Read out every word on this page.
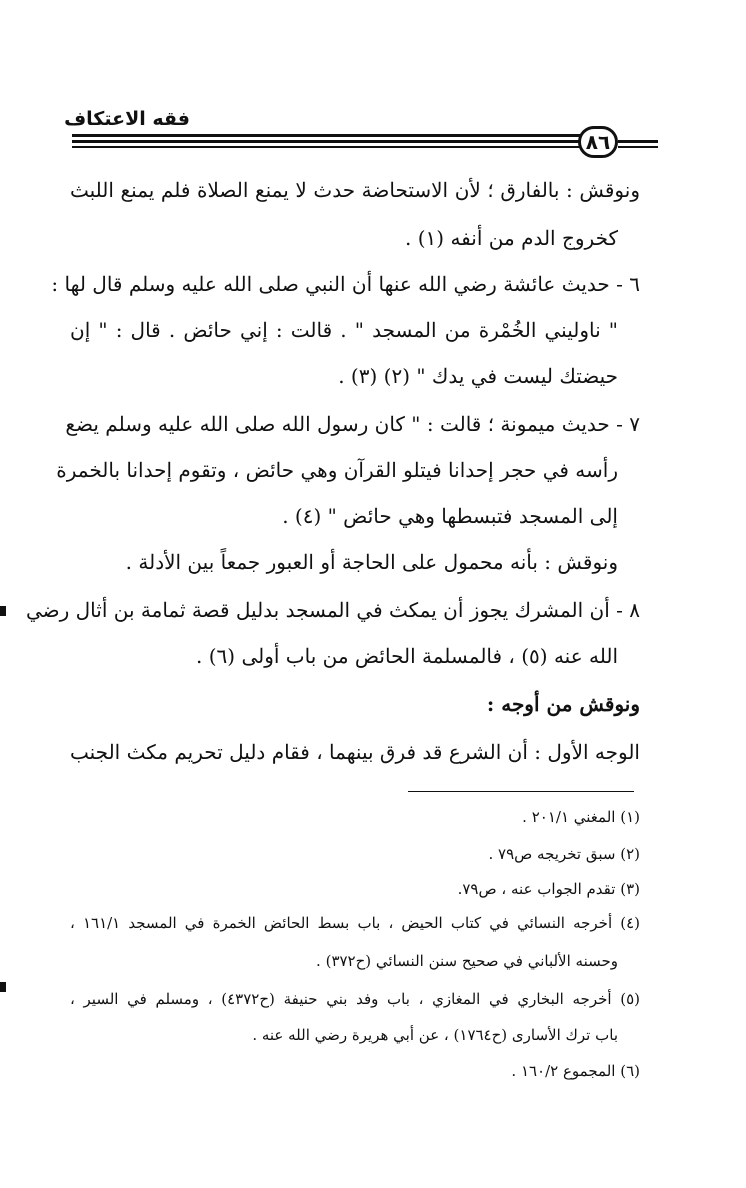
فقه الاعتكاف
٨٦
ونوقش : بالفارق ؛ لأن الاستحاضة حدث لا يمنع الصلاة فلم يمنع اللبث
كخروج الدم من أنفه (١) .
٦ - حديث عائشة رضي الله عنها أن النبي صلى الله عليه وسلم قال لها :
" ناوليني الخُمْرة من المسجد " . قالت : إني حائض . قال : " إن
حيضتك ليست في يدك " (٢) (٣) .
٧ - حديث ميمونة ؛ قالت : " كان رسول الله صلى الله عليه وسلم يضع
رأسه في حجر إحدانا فيتلو القرآن وهي حائض ، وتقوم إحدانا بالخمرة
إلى المسجد فتبسطها وهي حائض " (٤) .
ونوقش : بأنه محمول على الحاجة أو العبور جمعاً بين الأدلة .
٨ - أن المشرك يجوز أن يمكث في المسجد بدليل قصة ثمامة بن أثال رضي
الله عنه (٥) ، فالمسلمة الحائض من باب أولى (٦) .
ونوقش من أوجه :
الوجه الأول : أن الشرع قد فرق بينهما ، فقام دليل تحريم مكث الجنب
(١) المغني ٢٠١/١ .
(٢) سبق تخريجه ص٧٩ .
(٣) تقدم الجواب عنه ، ص٧٩.
(٤) أخرجه النسائي في كتاب الحيض ، باب بسط الحائض الخمرة في المسجد ١٦١/١ ،
وحسنه الألباني في صحيح سنن النسائي (ح٣٧٢) .
(٥) أخرجه البخاري في المغازي ، باب وفد بني حنيفة (ح٤٣٧٢) ، ومسلم في السير ،
باب ترك الأسارى (ح١٧٦٤) ، عن أبي هريرة رضي الله عنه .
(٦) المجموع ١٦٠/٢ .
